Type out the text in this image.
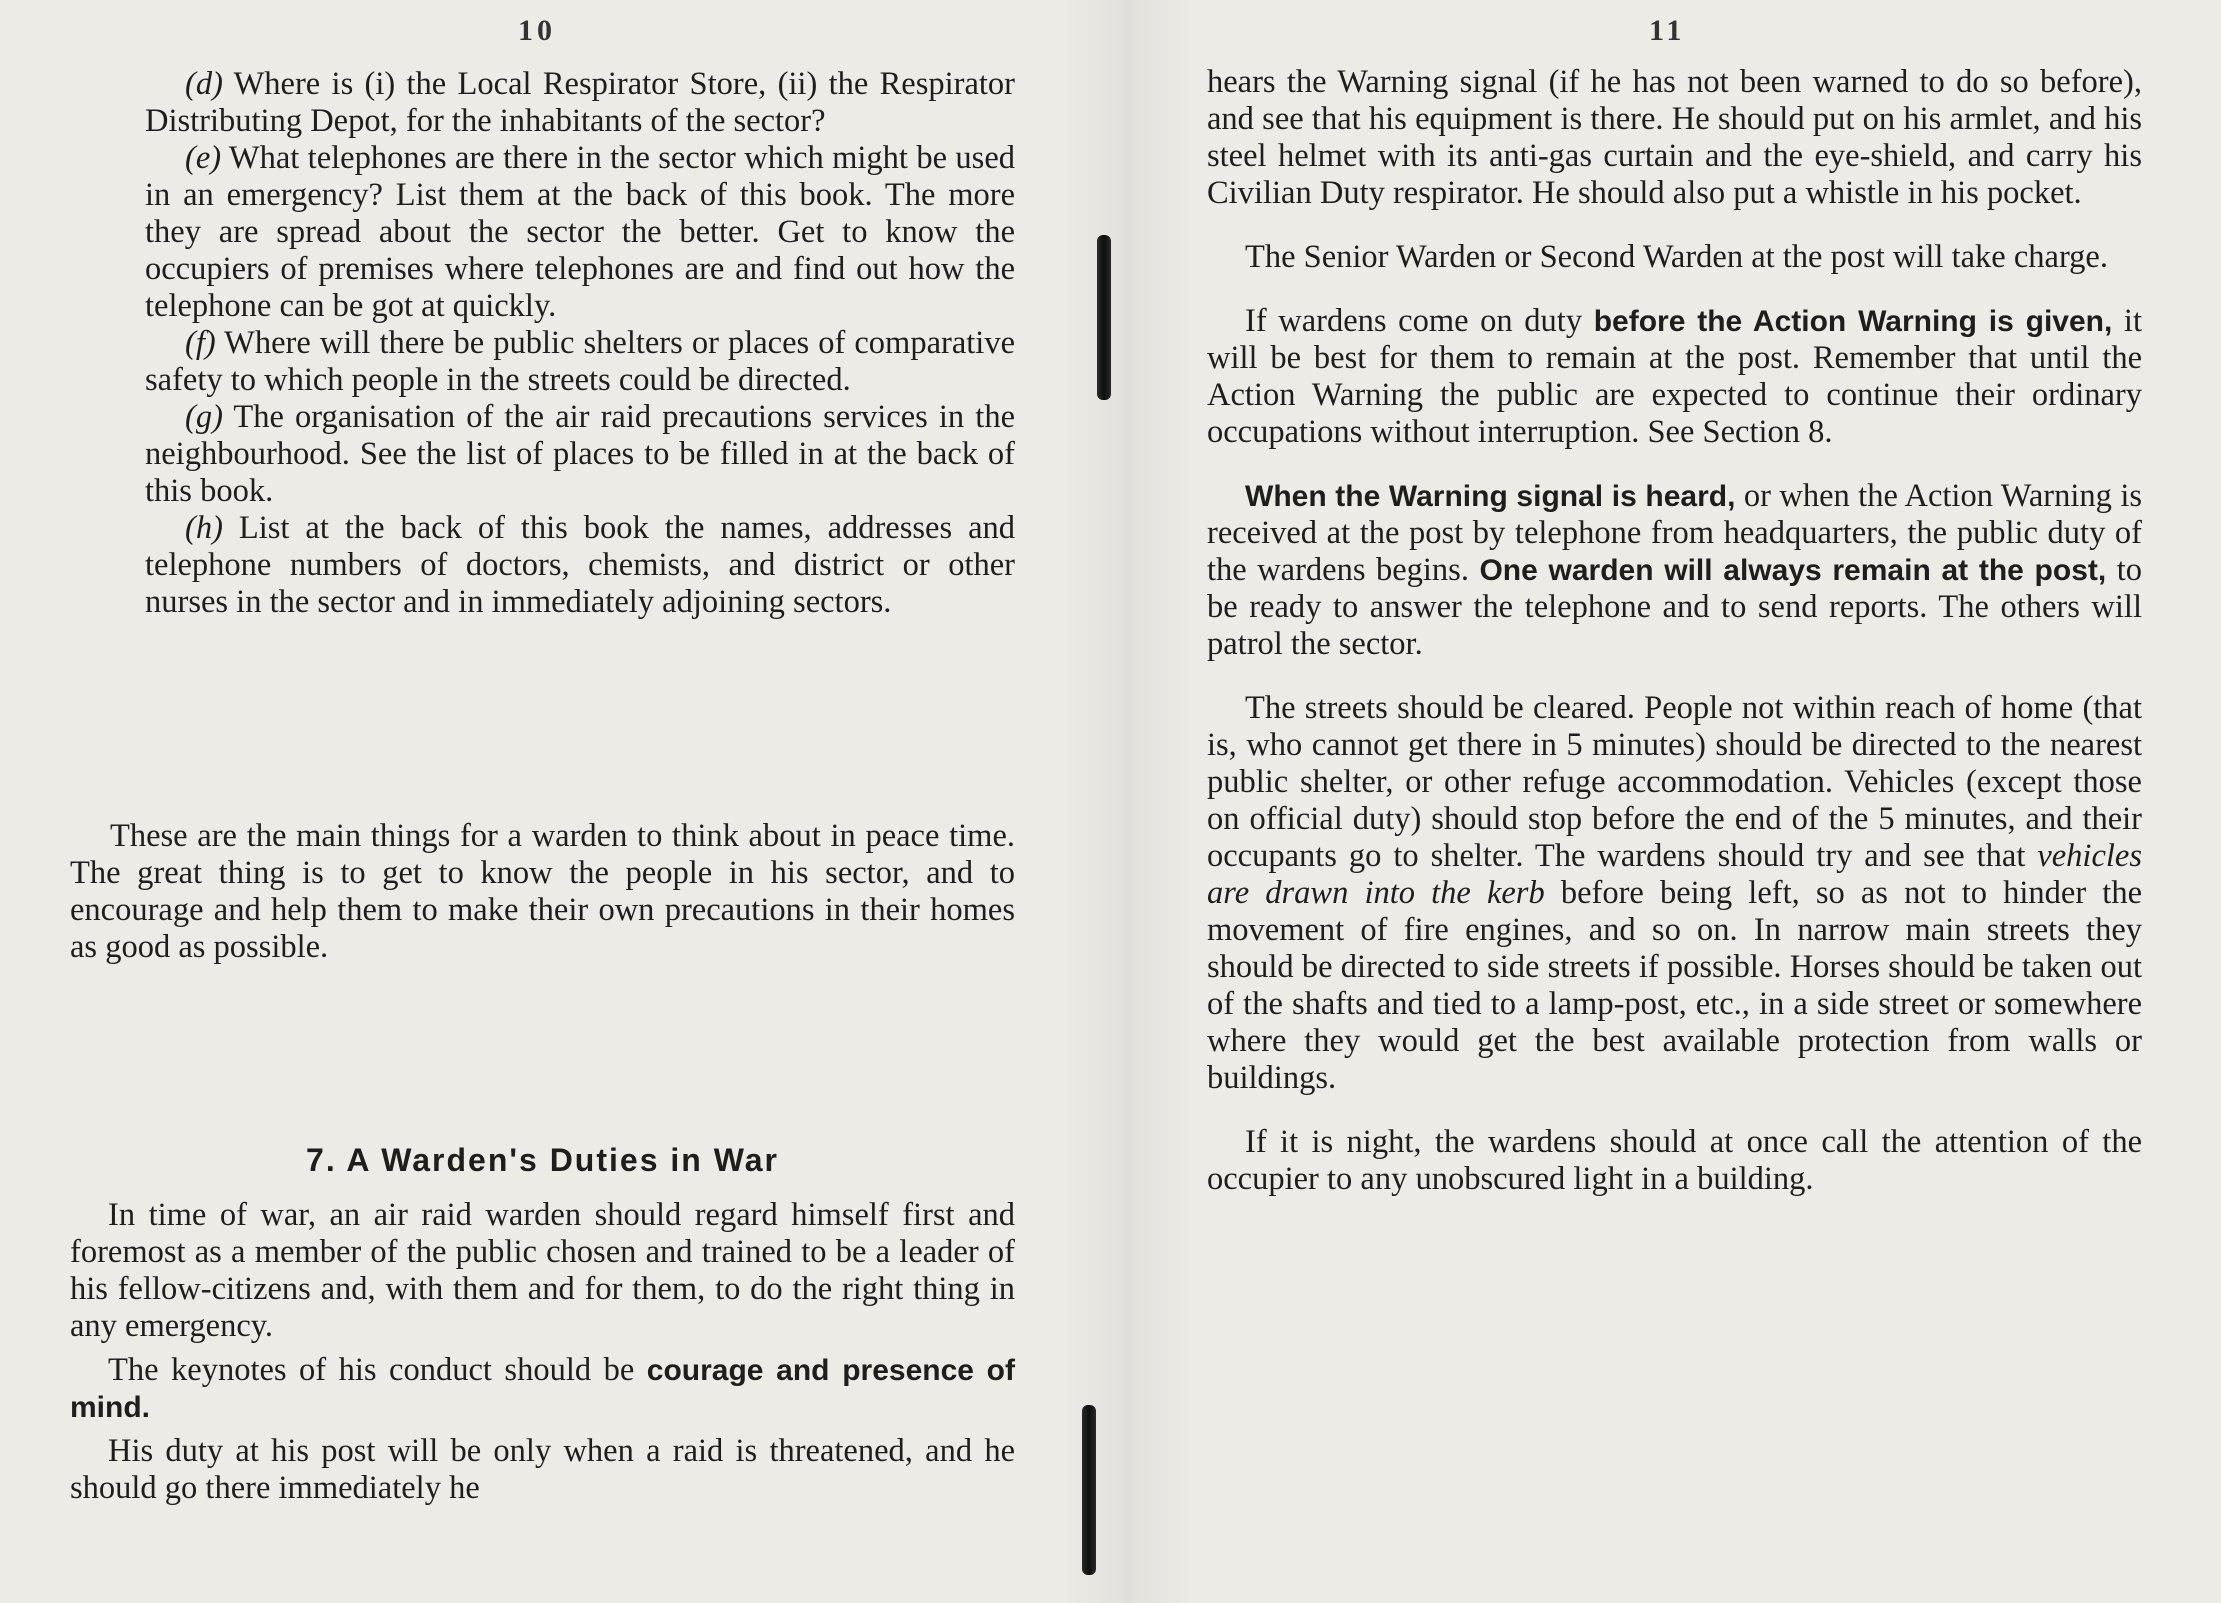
10

(d) Where is (i) the Local Respirator Store, (ii) the Respirator Distributing Depot, for the inhabitants of the sector?

(e) What telephones are there in the sector which might be used in an emergency? List them at the back of this book. The more they are spread about the sector the better. Get to know the occupiers of premises where telephones are and find out how the telephone can be got at quickly.

(f) Where will there be public shelters or places of comparative safety to which people in the streets could be directed.

(g) The organisation of the air raid precautions services in the neighbourhood. See the list of places to be filled in at the back of this book.

(h) List at the back of this book the names, addresses and telephone numbers of doctors, chemists, and district or other nurses in the sector and in immediately adjoining sectors.

These are the main things for a warden to think about in peace time. The great thing is to get to know the people in his sector, and to encourage and help them to make their own precautions in their homes as good as possible.
7. A Warden's Duties in War

In time of war, an air raid warden should regard himself first and foremost as a member of the public chosen and trained to be a leader of his fellow-citizens and, with them and for them, to do the right thing in any emergency.

The keynotes of his conduct should be courage and presence of mind.

His duty at his post will be only when a raid is threatened, and he should go there immediately he

11

hears the Warning signal (if he has not been warned to do so before), and see that his equipment is there. He should put on his armlet, and his steel helmet with its anti-gas curtain and the eye-shield, and carry his Civilian Duty respirator. He should also put a whistle in his pocket.

The Senior Warden or Second Warden at the post will take charge.

If wardens come on duty before the Action Warning is given, it will be best for them to remain at the post. Remember that until the Action Warning the public are expected to continue their ordinary occupations without interruption. See Section 8.

When the Warning signal is heard, or when the Action Warning is received at the post by telephone from headquarters, the public duty of the wardens begins. One warden will always remain at the post, to be ready to answer the telephone and to send reports. The others will patrol the sector.

The streets should be cleared. People not within reach of home (that is, who cannot get there in 5 minutes) should be directed to the nearest public shelter, or other refuge accommodation. Vehicles (except those on official duty) should stop before the end of the 5 minutes, and their occupants go to shelter. The wardens should try and see that vehicles are drawn into the kerb before being left, so as not to hinder the movement of fire engines, and so on. In narrow main streets they should be directed to side streets if possible. Horses should be taken out of the shafts and tied to a lamp-post, etc., in a side street or somewhere where they would get the best available protection from walls or buildings.

If it is night, the wardens should at once call the attention of the occupier to any unobscured light in a building.
